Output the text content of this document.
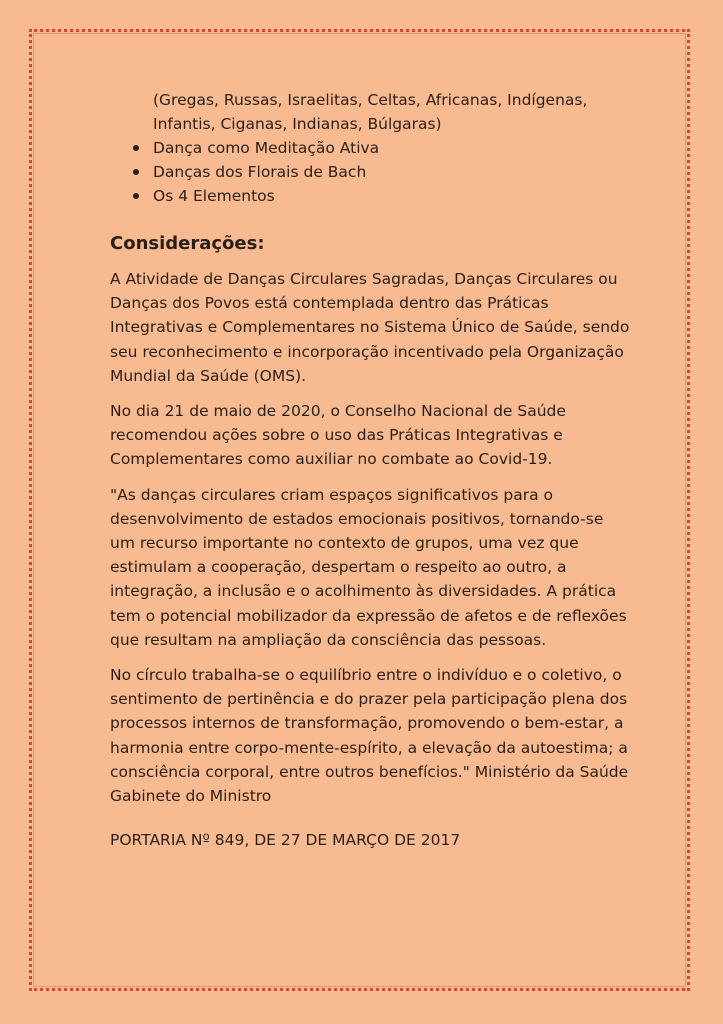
(Gregas, Russas, Israelitas, Celtas, Africanas, Indígenas,

Infantis, Ciganas, Indianas, Búlgaras)

Dança como Meditação Ativa
Danças dos Florais de Bach
Os 4 Elementos
Considerações:

A Atividade de Danças Circulares Sagradas, Danças Circulares ou Danças dos Povos está contemplada dentro das Práticas Integrativas e Complementares no Sistema Único de Saúde, sendo seu reconhecimento e incorporação incentivado pela Organização Mundial da Saúde (OMS).

No dia 21 de maio de 2020, o Conselho Nacional de Saúde recomendou ações sobre o uso das Práticas Integrativas e Complementares como auxiliar no combate ao Covid-19.

"As danças circulares criam espaços significativos para o desenvolvimento de estados emocionais positivos, tornando-se um recurso importante no contexto de grupos, uma vez que estimulam a cooperação, despertam o respeito ao outro, a integração, a inclusão e o acolhimento às diversidades. A prática tem o potencial mobilizador da expressão de afetos e de reflexões que resultam na ampliação da consciência das pessoas.

No círculo trabalha-se o equilíbrio entre o indivíduo e o coletivo, o sentimento de pertinência e do prazer pela participação plena dos processos internos de transformação, promovendo o bem-estar, a harmonia entre corpo-mente-espírito, a elevação da autoestima; a consciência corporal, entre outros benefícios." Ministério da Saúde Gabinete do Ministro

PORTARIA Nº 849, DE 27 DE MARÇO DE 2017
